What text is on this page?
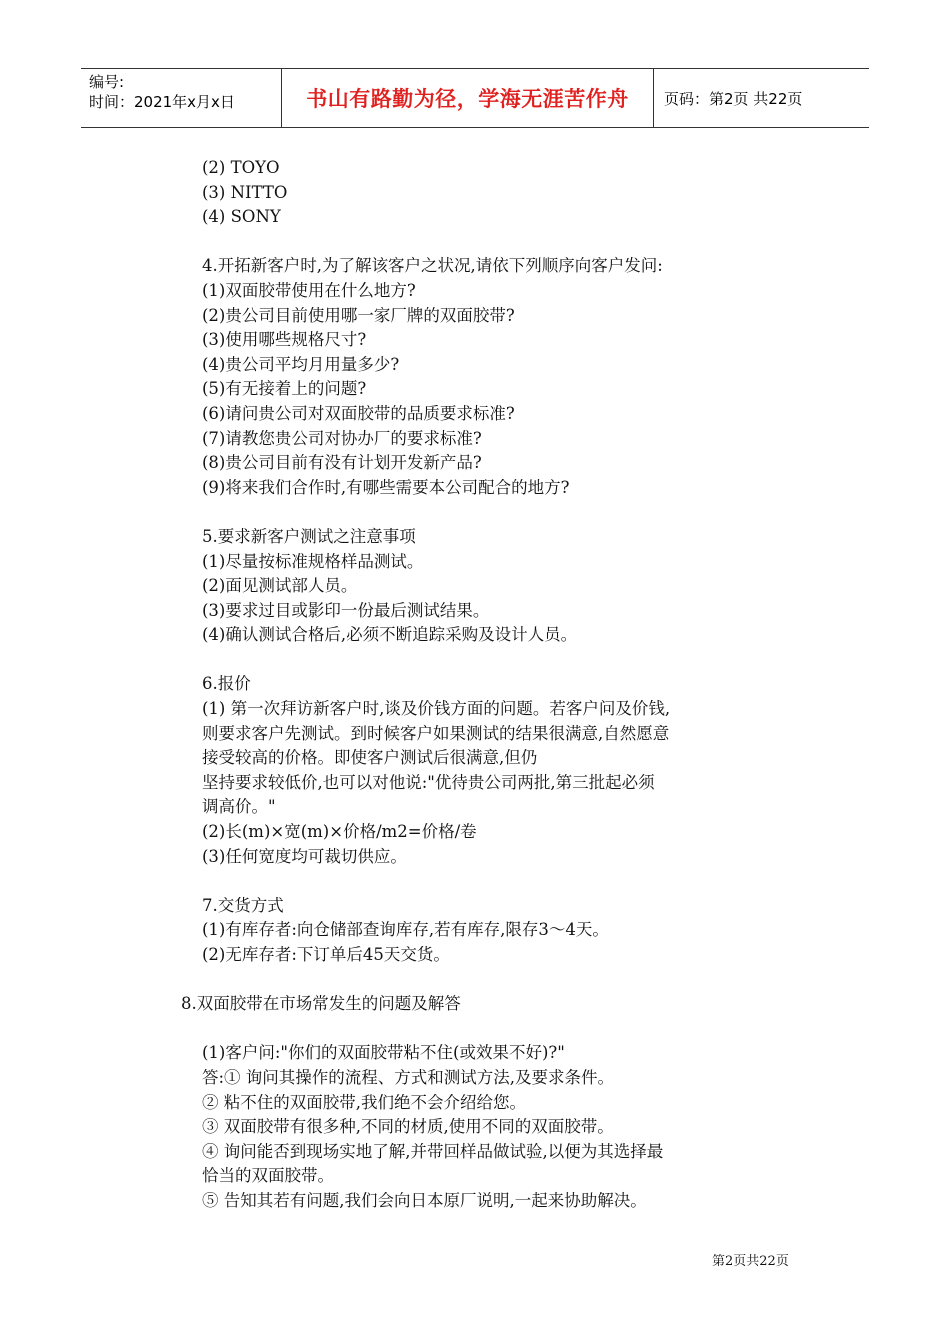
编号:
时间：2021年x月x日	书山有路勤为径，学海无涯苦作舟	页码：第2页 共22页
(2) TOYO
(3) NITTO
(4) SONY
4.开拓新客户时,为了解该客户之状况,请依下列顺序向客户发问:
(1)双面胶带使用在什么地方?
(2)贵公司目前使用哪一家厂牌的双面胶带?
(3)使用哪些规格尺寸?
(4)贵公司平均月用量多少?
(5)有无接着上的问题?
(6)请问贵公司对双面胶带的品质要求标准?
(7)请教您贵公司对协办厂的要求标准?
(8)贵公司目前有没有计划开发新产品?
(9)将来我们合作时,有哪些需要本公司配合的地方?
5.要求新客户测试之注意事项
(1)尽量按标准规格样品测试。
(2)面见测试部人员。
(3)要求过目或影印一份最后测试结果。
(4)确认测试合格后,必须不断追踪采购及设计人员。
6.报价
(1) 第一次拜访新客户时,谈及价钱方面的问题。若客户问及价钱,
则要求客户先测试。到时候客户如果测试的结果很满意,自然愿意
接受较高的价格。即使客户测试后很满意,但仍
坚持要求较低价,也可以对他说:"优待贵公司两批,第三批起必须
调高价。"
(2)长(m)×宽(m)×价格/m2=价格/卷
(3)任何宽度均可裁切供应。
7.交货方式
(1)有库存者:向仓储部查询库存,若有库存,限存3～4天。
(2)无库存者:下订单后45天交货。
8.双面胶带在市场常发生的问题及解答
(1)客户问:"你们的双面胶带粘不住(或效果不好)?"
答:① 询问其操作的流程、方式和测试方法,及要求条件。
② 粘不住的双面胶带,我们绝不会介绍给您。
③ 双面胶带有很多种,不同的材质,使用不同的双面胶带。
④ 询问能否到现场实地了解,并带回样品做试验,以便为其选择最
恰当的双面胶带。
⑤ 告知其若有问题,我们会向日本原厂说明,一起来协助解决。
第2页共22页
